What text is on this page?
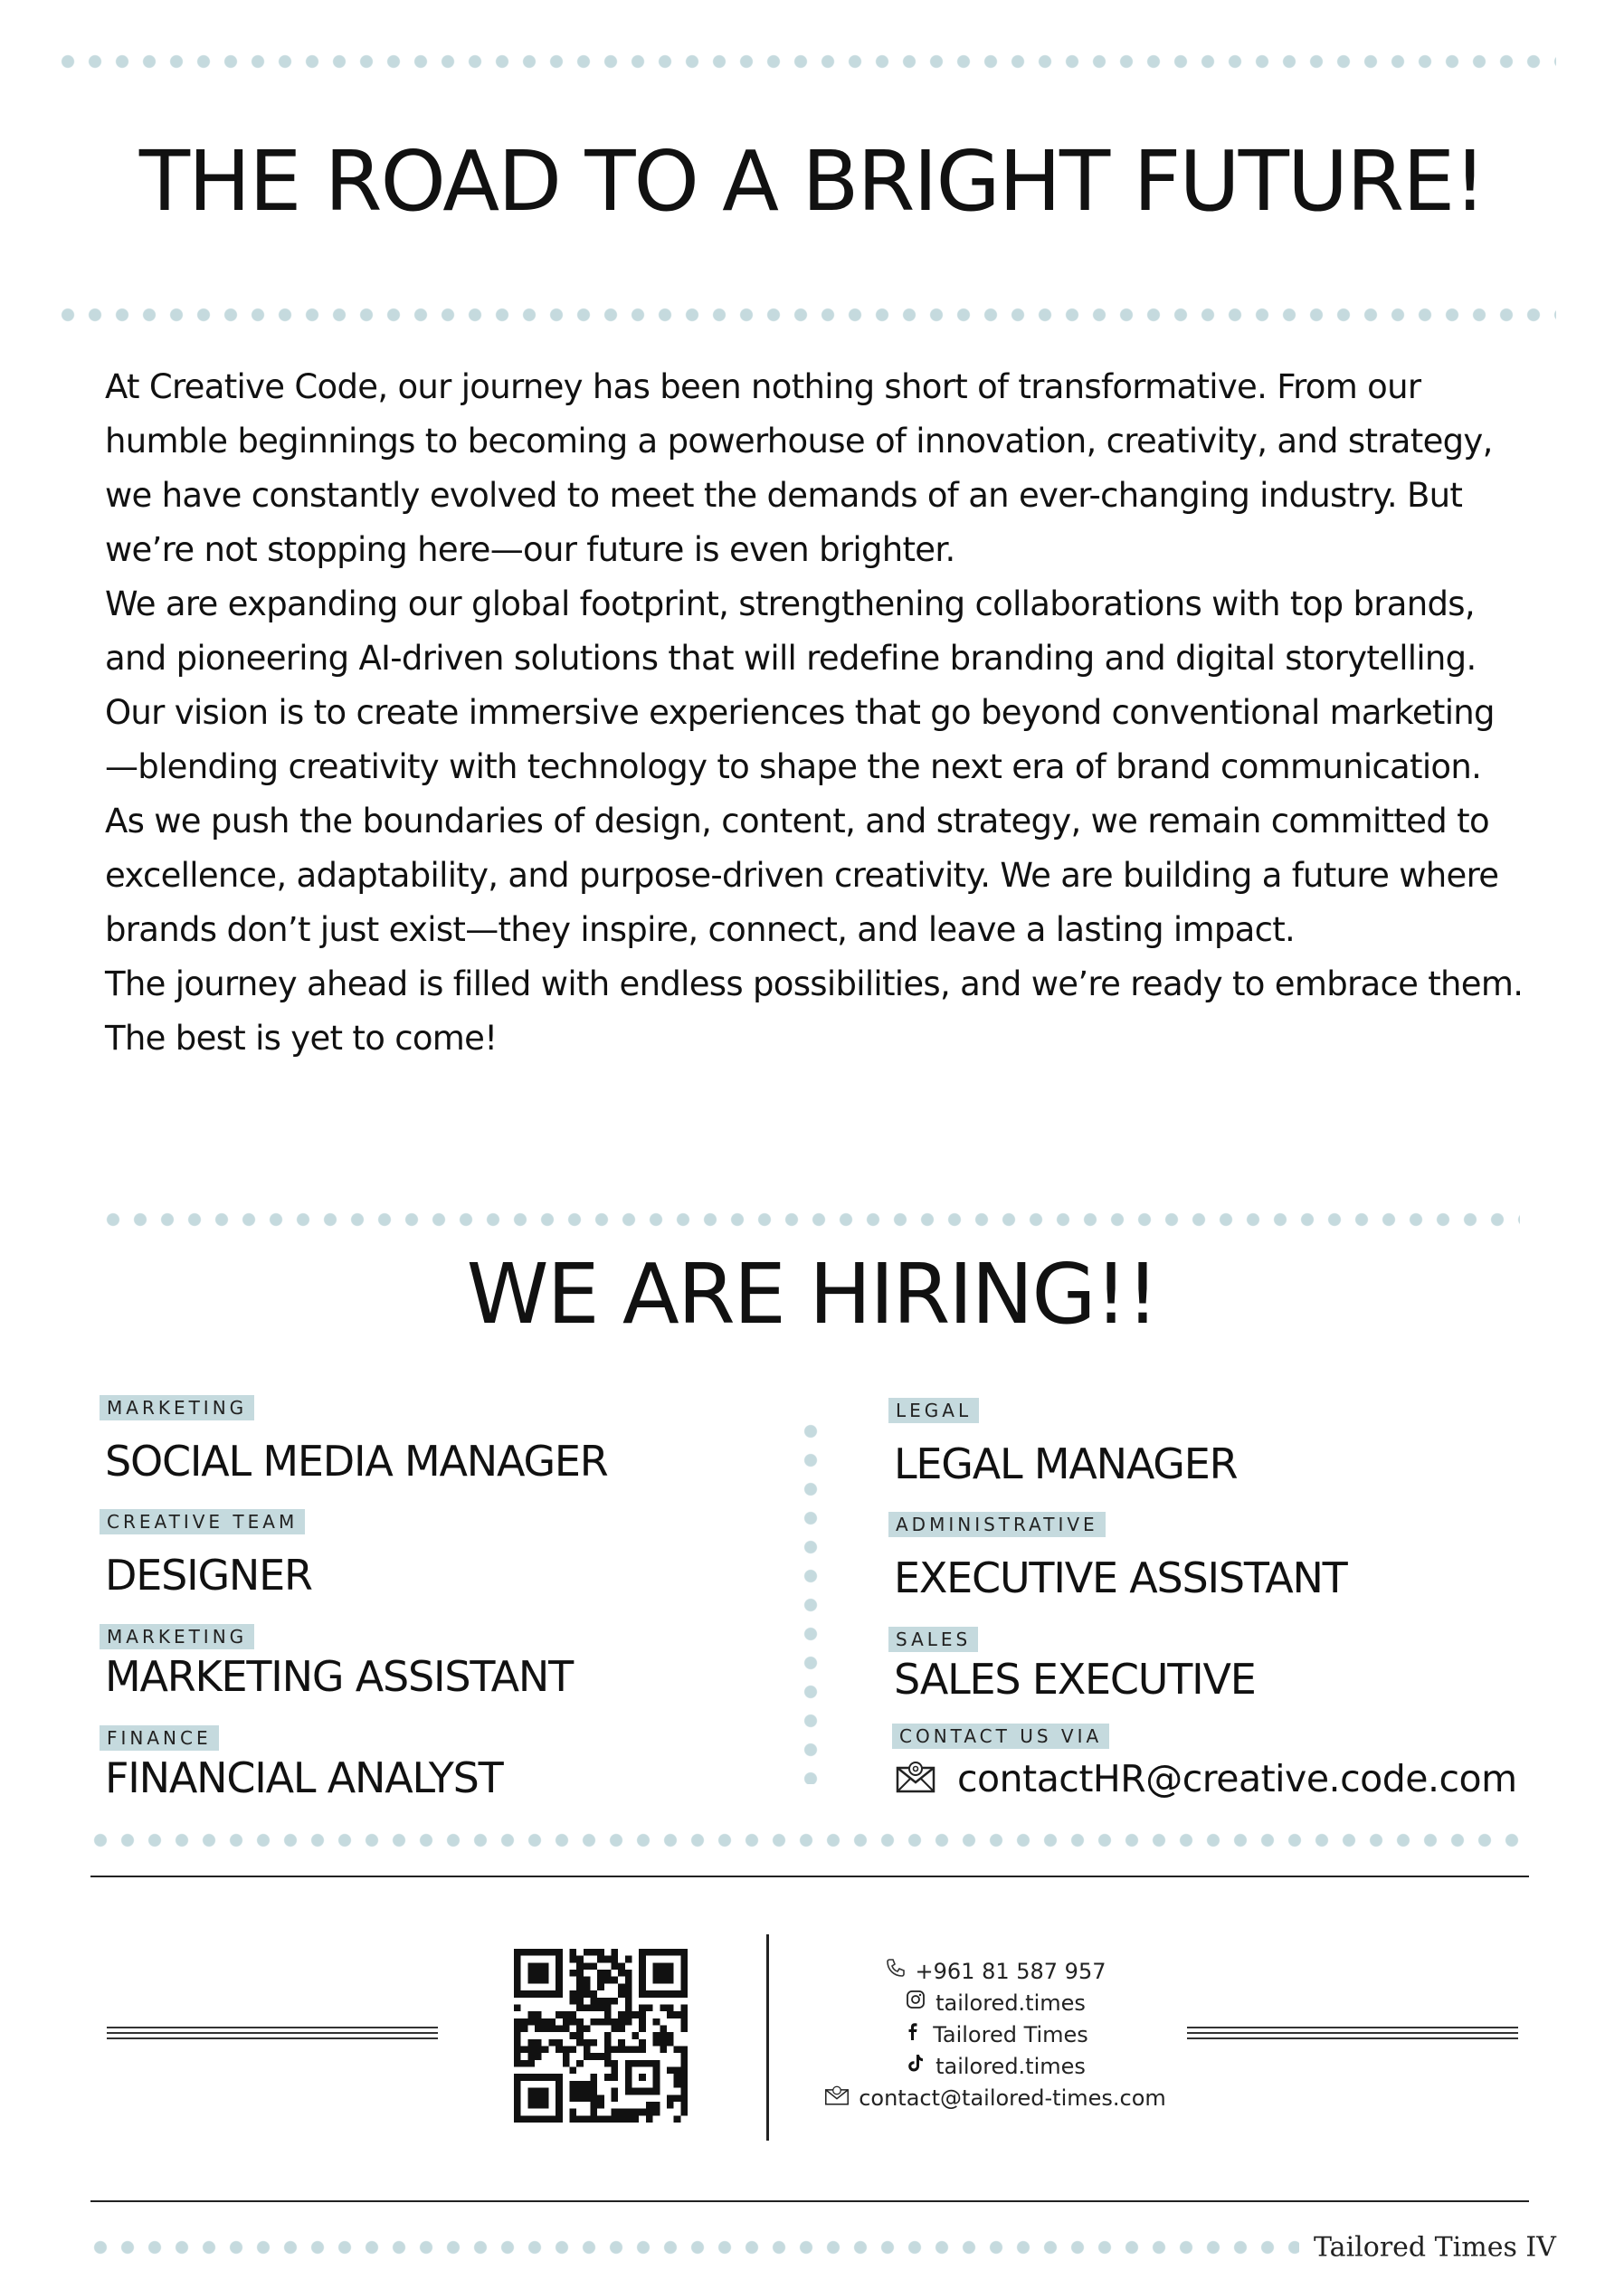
THE ROAD TO A BRIGHT FUTURE!

At Creative Code, our journey has been nothing short of transformative. From our humble beginnings to becoming a powerhouse of innovation, creativity, and strategy, we have constantly evolved to meet the demands of an ever-changing industry. But we’re not stopping here—our future is even brighter.

We are expanding our global footprint, strengthening collaborations with top brands, and pioneering AI-driven solutions that will redefine branding and digital storytelling. Our vision is to create immersive experiences that go beyond conventional marketing—blending creativity with technology to shape the next era of brand communication.

As we push the boundaries of design, content, and strategy, we remain committed to excellence, adaptability, and purpose-driven creativity. We are building a future where brands don’t just exist—they inspire, connect, and leave a lasting impact.

The journey ahead is filled with endless possibilities, and we’re ready to embrace them. The best is yet to come!

WE ARE HIRING!!
MARKETING
SOCIAL MEDIA MANAGER
CREATIVE TEAM
DESIGNER
MARKETING
MARKETING ASSISTANT
FINANCE
FINANCIAL ANALYST
LEGAL
LEGAL MANAGER
ADMINISTRATIVE
EXECUTIVE ASSISTANT
SALES
SALES EXECUTIVE
CONTACT US VIA
contactHR@creative.code.com
+961 81 587 957
tailored.times
Tailored Times
tailored.times
contact@tailored-times.com
Tailored Times IV
